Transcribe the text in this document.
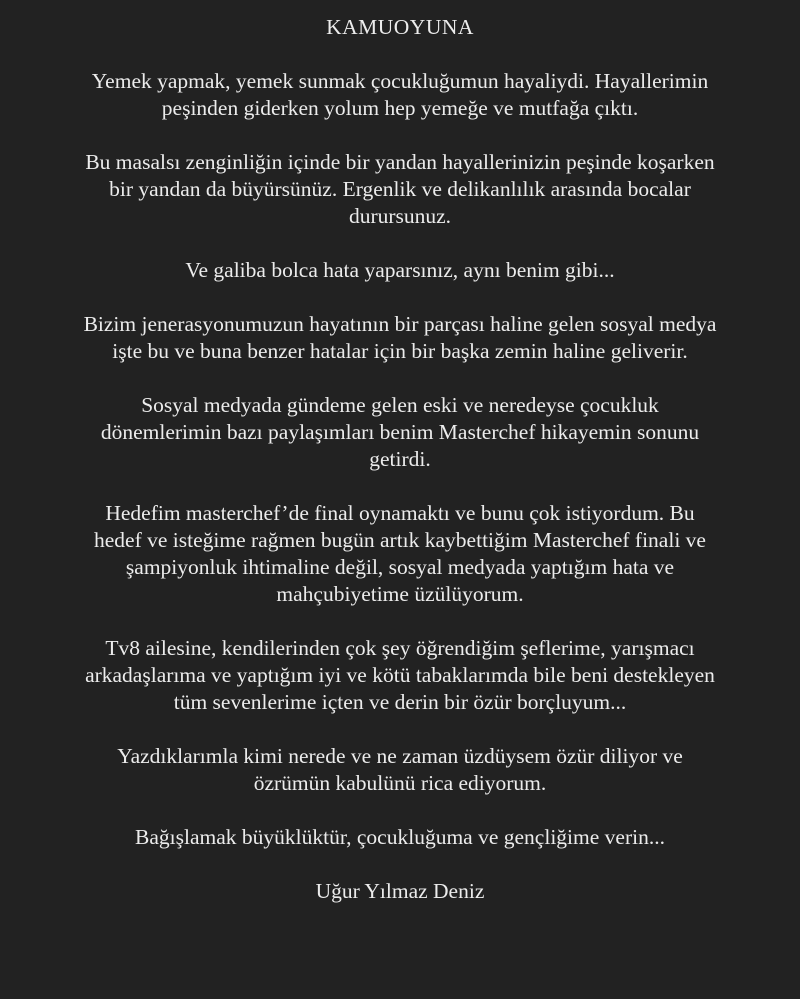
KAMUOYUNA
Yemek yapmak, yemek sunmak çocukluğumun hayaliydi. Hayallerimin
peşinden giderken yolum hep yemeğe ve mutfağa çıktı.
Bu masalsı zenginliğin içinde bir yandan hayallerinizin peşinde koşarken
bir yandan da büyürsünüz. Ergenlik ve delikanlılık arasında bocalar
durursunuz.
Ve galiba bolca hata yaparsınız, aynı benim gibi...
Bizim jenerasyonumuzun hayatının bir parçası haline gelen sosyal medya
işte bu ve buna benzer hatalar için bir başka zemin haline geliverir.
Sosyal medyada gündeme gelen eski ve neredeyse çocukluk
dönemlerimin bazı paylaşımları benim Masterchef hikayemin sonunu
getirdi.
Hedefim masterchef’de final oynamaktı ve bunu çok istiyordum. Bu
hedef ve isteğime rağmen bugün artık kaybettiğim Masterchef finali ve
şampiyonluk ihtimaline değil, sosyal medyada yaptığım hata ve
mahçubiyetime üzülüyorum.
Tv8 ailesine, kendilerinden çok şey öğrendiğim şeflerime, yarışmacı
arkadaşlarıma ve yaptığım iyi ve kötü tabaklarımda bile beni destekleyen
tüm sevenlerime içten ve derin bir özür borçluyum...
Yazdıklarımla kimi nerede ve ne zaman üzdüysem özür diliyor ve
özrümün kabulünü rica ediyorum.
Bağışlamak büyüklüktür, çocukluğuma ve gençliğime verin...
Uğur Yılmaz Deniz
